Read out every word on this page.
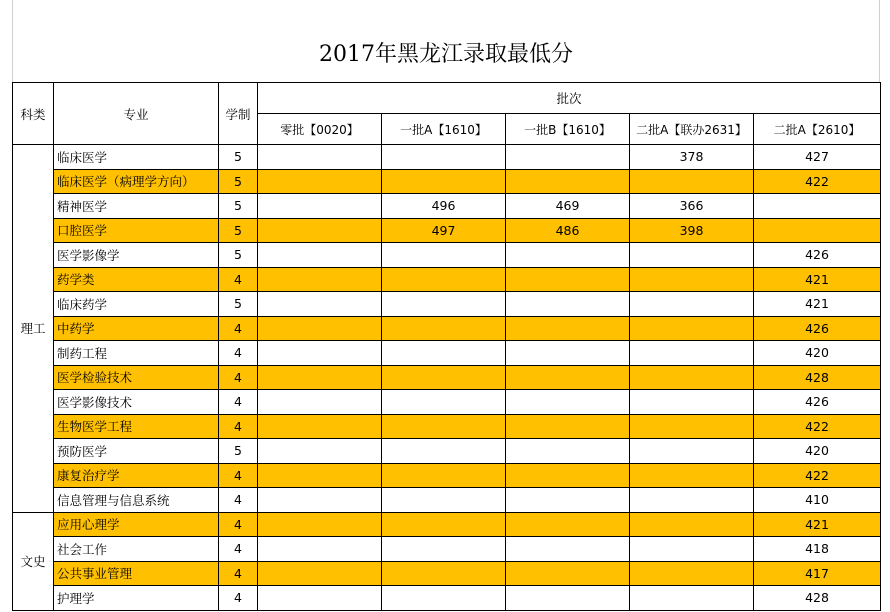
2017年黑龙江录取最低分
科类	专业	学制	批次				
			零批【0020】	一批A【1610】	一批B【1610】	二批A【联办2631】	二批A【2610】
理工	临床医学	5				378	427
	临床医学（病理学方向）	5					422
	精神医学	5		496	469	366	
	口腔医学	5		497	486	398	
	医学影像学	5					426
	药学类	4					421
	临床药学	5					421
	中药学	4					426
	制药工程	4					420
	医学检验技术	4					428
	医学影像技术	4					426
	生物医学工程	4					422
	预防医学	5					420
	康复治疗学	4					422
	信息管理与信息系统	4					410
文史	应用心理学	4					421
	社会工作	4					418
	公共事业管理	4					417
	护理学	4					428
